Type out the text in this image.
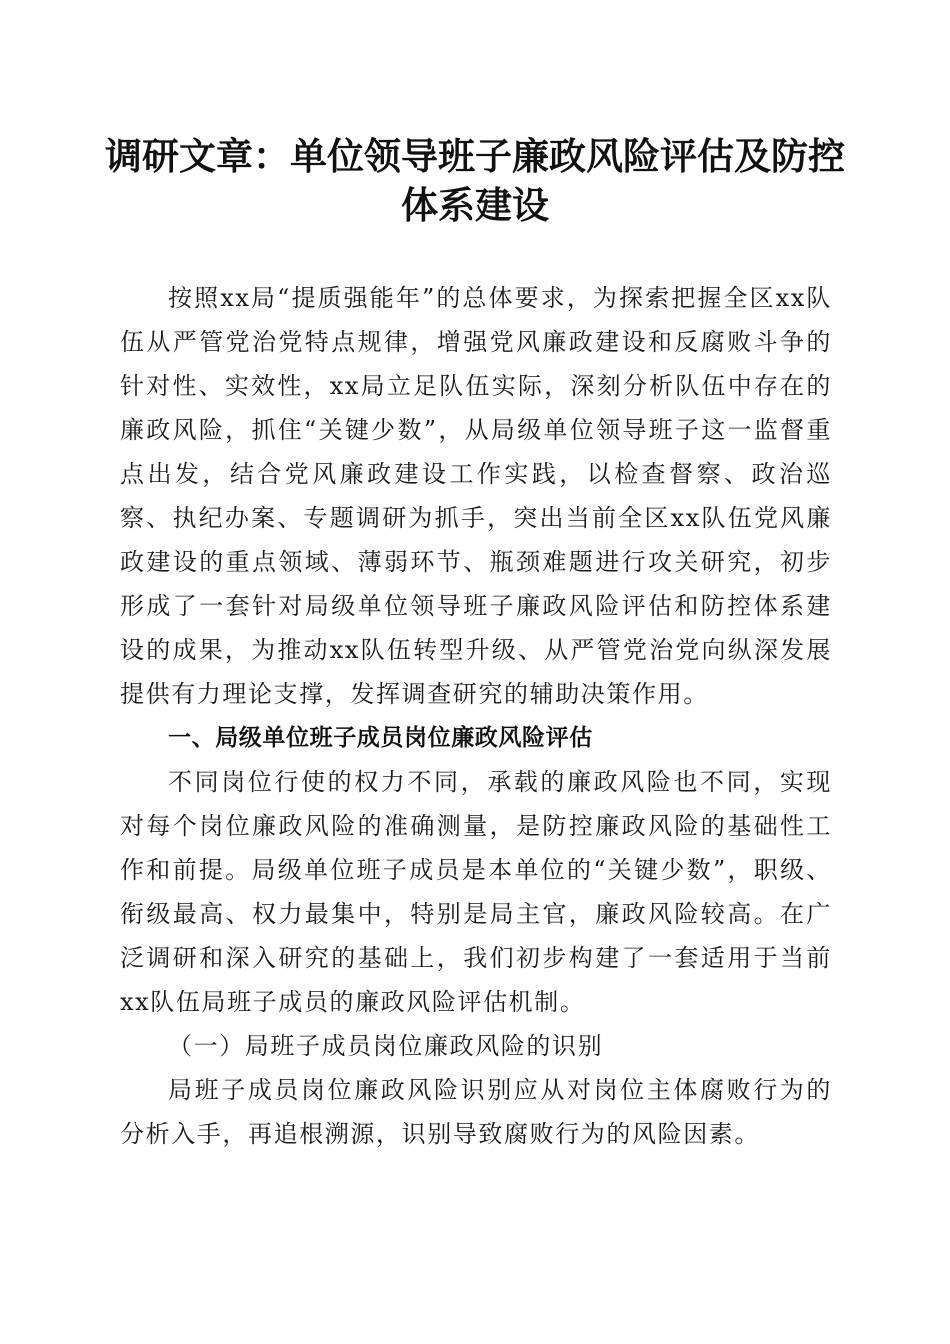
调研文章：单位领导班子廉政风险评估及防控
体系建设

按照xx局“提质强能年”的总体要求，为探索把握全区xx队伍从严管党治党特点规律，增强党风廉政建设和反腐败斗争的针对性、实效性，xx局立足队伍实际，深刻分析队伍中存在的廉政风险，抓住“关键少数”，从局级单位领导班子这一监督重点出发，结合党风廉政建设工作实践，以检查督察、政治巡察、执纪办案、专题调研为抓手，突出当前全区xx队伍党风廉政建设的重点领域、薄弱环节、瓶颈难题进行攻关研究，初步形成了一套针对局级单位领导班子廉政风险评估和防控体系建设的成果，为推动xx队伍转型升级、从严管党治党向纵深发展提供有力理论支撑，发挥调查研究的辅助决策作用。

一、局级单位班子成员岗位廉政风险评估

不同岗位行使的权力不同，承载的廉政风险也不同，实现对每个岗位廉政风险的准确测量，是防控廉政风险的基础性工作和前提。局级单位班子成员是本单位的“关键少数”，职级、衔级最高、权力最集中，特别是局主官，廉政风险较高。在广泛调研和深入研究的基础上，我们初步构建了一套适用于当前xx队伍局班子成员的廉政风险评估机制。

（一）局班子成员岗位廉政风险的识别

局班子成员岗位廉政风险识别应从对岗位主体腐败行为的分析入手，再追根溯源，识别导致腐败行为的风险因素。
